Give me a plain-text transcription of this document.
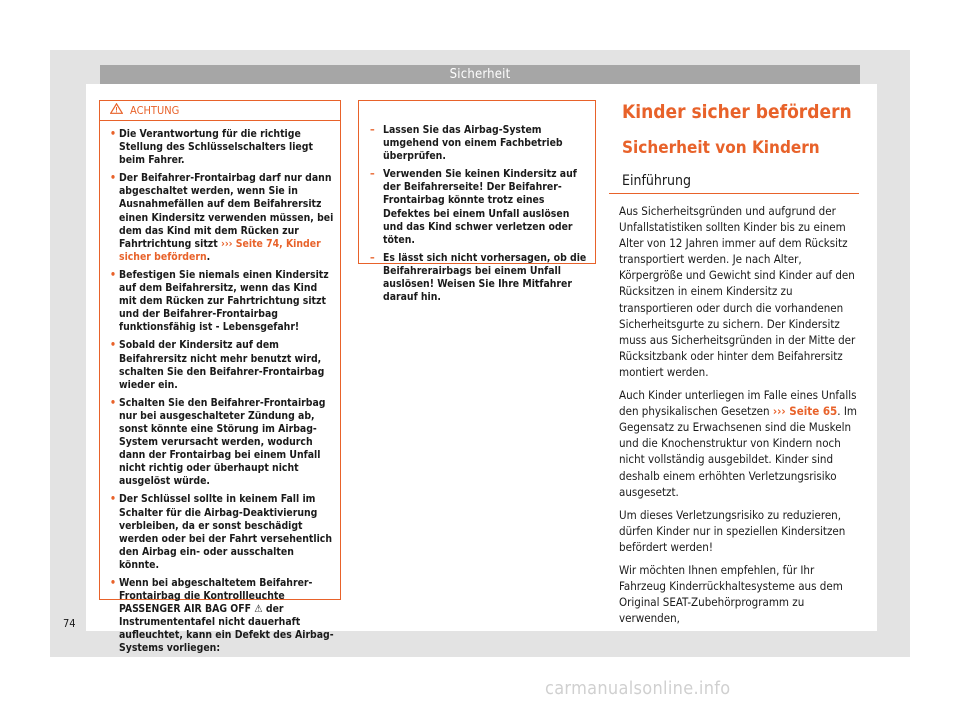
Sicherheit
ACHTUNG
• Die Verantwortung für die richtige Stellung des Schlüsselschalters liegt beim Fahrer.
• Der Beifahrer-Frontairbag darf nur dann abgeschaltet werden, wenn Sie in Ausnahmefällen auf dem Beifahrersitz einen Kindersitz verwenden müssen, bei dem das Kind mit dem Rücken zur Fahrtrichtung sitzt ››› Seite 74, Kinder sicher befördern.
• Befestigen Sie niemals einen Kindersitz auf dem Beifahrersitz, wenn das Kind mit dem Rücken zur Fahrtrichtung sitzt und der Beifahrer-Frontairbag funktionsfähig ist - Lebensgefahr!
• Sobald der Kindersitz auf dem Beifahrersitz nicht mehr benutzt wird, schalten Sie den Beifahrer-Frontairbag wieder ein.
• Schalten Sie den Beifahrer-Frontairbag nur bei ausgeschalteter Zündung ab, sonst könnte eine Störung im Airbag-System verursacht werden, wodurch dann der Frontairbag bei einem Unfall nicht richtig oder überhaupt nicht ausgelöst würde.
• Der Schlüssel sollte in keinem Fall im Schalter für die Airbag-Deaktivierung verbleiben, da er sonst beschädigt werden oder bei der Fahrt versehentlich den Airbag ein- oder ausschalten könnte.
• Wenn bei abgeschaltetem Beifahrer-Frontairbag die Kontrollleuchte PASSENGER AIR BAG OFF ⚠ der Instrumententafel nicht dauerhaft aufleuchtet, kann ein Defekt des Airbag-Systems vorliegen:
– Lassen Sie das Airbag-System umgehend von einem Fachbetrieb überprüfen.
– Verwenden Sie keinen Kindersitz auf der Beifahrerseite! Der Beifahrer-Frontairbag könnte trotz eines Defektes bei einem Unfall auslösen und das Kind schwer verletzen oder töten.
– Es lässt sich nicht vorhersagen, ob die Beifahrerairbags bei einem Unfall auslösen! Weisen Sie Ihre Mitfahrer darauf hin.
Kinder sicher befördern
Sicherheit von Kindern
Einführung

Aus Sicherheitsgründen und aufgrund der Unfallstatistiken sollten Kinder bis zu einem Alter von 12 Jahren immer auf dem Rücksitz transportiert werden. Je nach Alter, Körpergröße und Gewicht sind Kinder auf den Rücksitzen in einem Kindersitz zu transportieren oder durch die vorhandenen Sicherheitsgurte zu sichern. Der Kindersitz muss aus Sicherheitsgründen in der Mitte der Rücksitzbank oder hinter dem Beifahrersitz montiert werden.

Auch Kinder unterliegen im Falle eines Unfalls den physikalischen Gesetzen ››› Seite 65. Im Gegensatz zu Erwachsenen sind die Muskeln und die Knochenstruktur von Kindern noch nicht vollständig ausgebildet. Kinder sind deshalb einem erhöhten Verletzungsrisiko ausgesetzt.

Um dieses Verletzungsrisiko zu reduzieren, dürfen Kinder nur in speziellen Kindersitzen befördert werden!

Wir möchten Ihnen empfehlen, für Ihr Fahrzeug Kinderrückhaltesysteme aus dem Original SEAT-Zubehörprogramm zu verwenden,

74
carmanualsonline.info
